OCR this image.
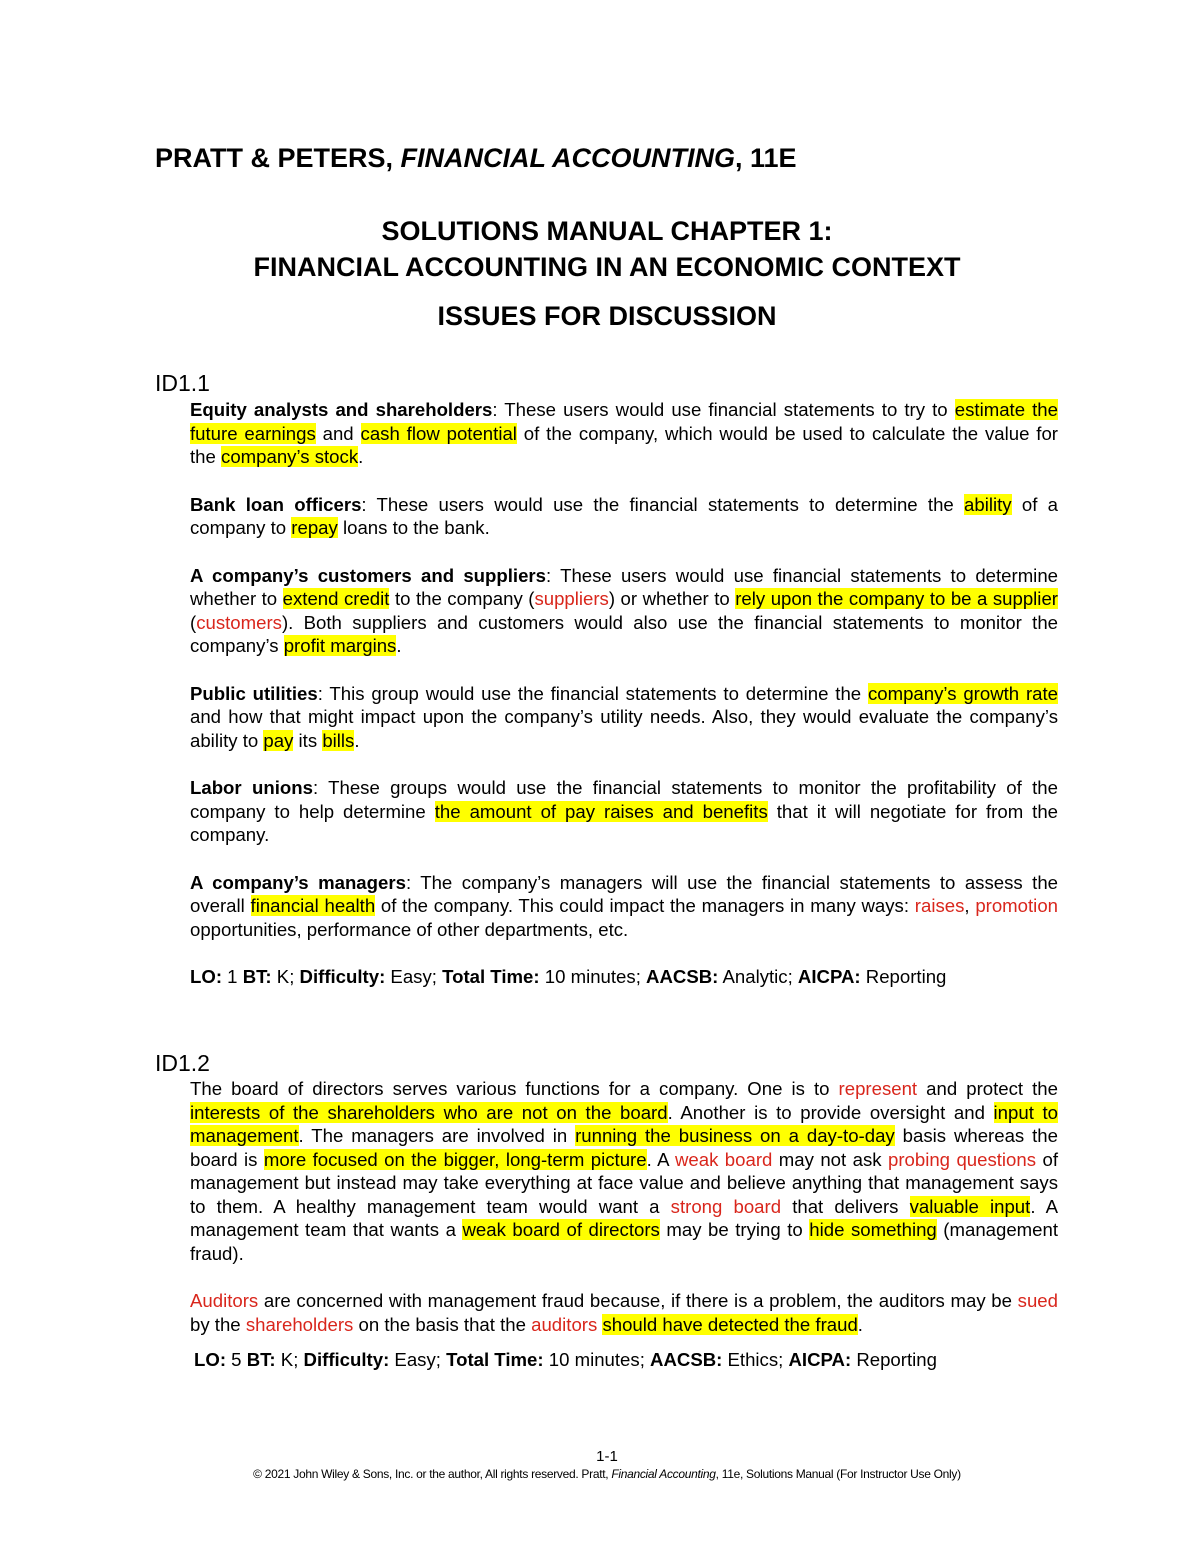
PRATT & PETERS, FINANCIAL ACCOUNTING, 11E
SOLUTIONS MANUAL CHAPTER 1:
FINANCIAL ACCOUNTING IN AN ECONOMIC CONTEXT
ISSUES FOR DISCUSSION
ID1.1

Equity analysts and shareholders: These users would use financial statements to try to estimate the future earnings and cash flow potential of the company, which would be used to calculate the value for the company’s stock.

Bank loan officers: These users would use the financial statements to determine the ability of a company to repay loans to the bank.

A company’s customers and suppliers: These users would use financial statements to determine whether to extend credit to the company (suppliers) or whether to rely upon the company to be a supplier (customers). Both suppliers and customers would also use the financial statements to monitor the company’s profit margins.

Public utilities: This group would use the financial statements to determine the company’s growth rate and how that might impact upon the company’s utility needs. Also, they would evaluate the company’s ability to pay its bills.

Labor unions: These groups would use the financial statements to monitor the profitability of the company to help determine the amount of pay raises and benefits that it will negotiate for from the company.

A company’s managers: The company’s managers will use the financial statements to assess the overall financial health of the company. This could impact the managers in many ways: raises, promotion opportunities, performance of other departments, etc.

LO: 1 BT: K; Difficulty: Easy; Total Time: 10 minutes; AACSB: Analytic; AICPA: Reporting
ID1.2

The board of directors serves various functions for a company. One is to represent and protect the interests of the shareholders who are not on the board. Another is to provide oversight and input to management. The managers are involved in running the business on a day-to-day basis whereas the board is more focused on the bigger, long-term picture. A weak board may not ask probing questions of management but instead may take everything at face value and believe anything that management says to them. A healthy management team would want a strong board that delivers valuable input. A management team that wants a weak board of directors may be trying to hide something (management fraud).

Auditors are concerned with management fraud because, if there is a problem, the auditors may be sued by the shareholders on the basis that the auditors should have detected the fraud.

LO: 5 BT: K; Difficulty: Easy; Total Time: 10 minutes; AACSB: Ethics; AICPA: Reporting
1-1
© 2021 John Wiley & Sons, Inc. or the author, All rights reserved. Pratt, Financial Accounting, 11e, Solutions Manual (For Instructor Use Only)
